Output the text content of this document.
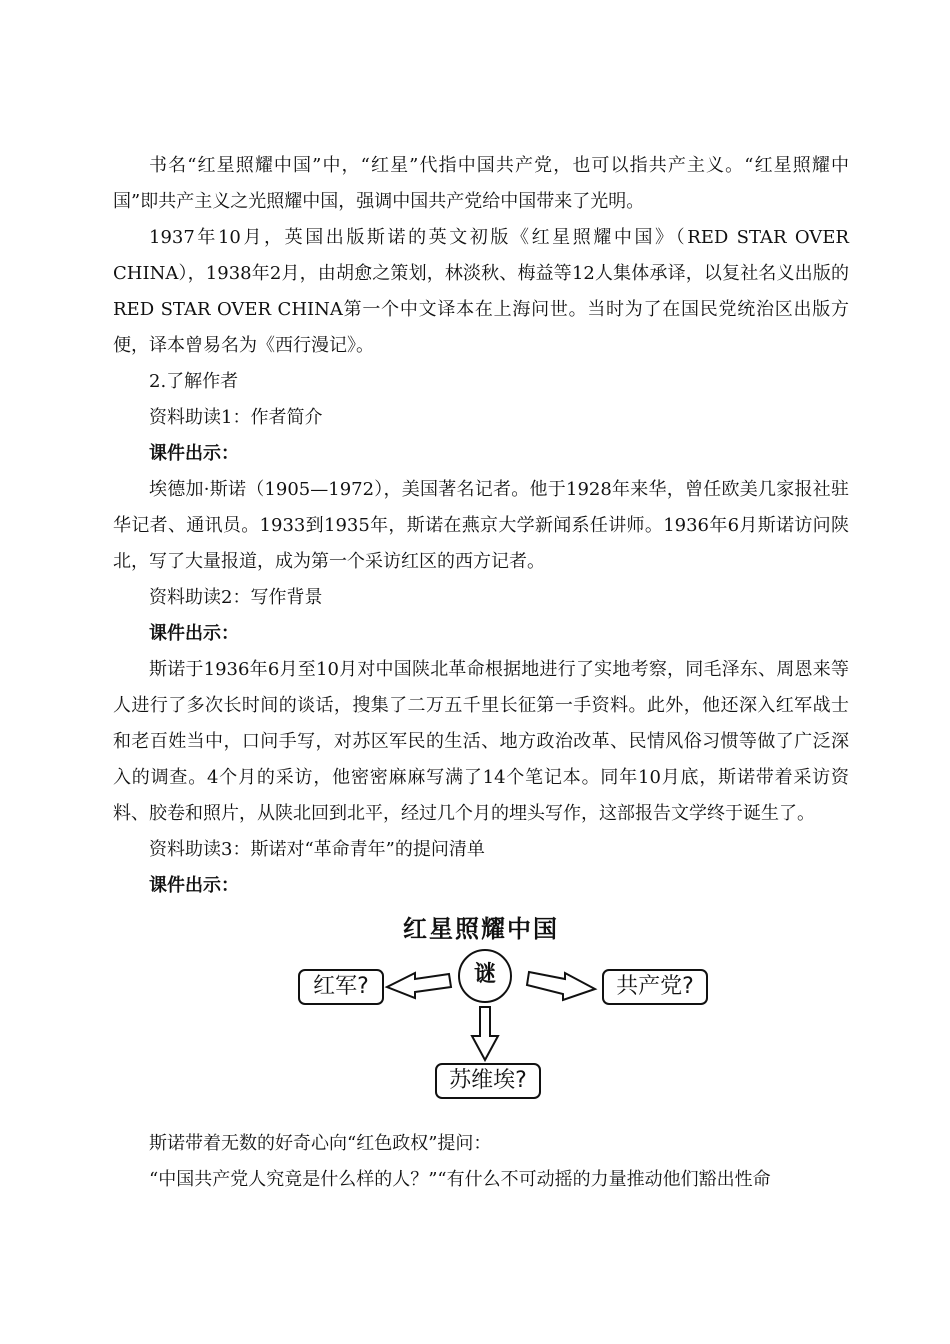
书名“红星照耀中国”中，“红星”代指中国共产党，也可以指共产主义。“红星照耀中国”即共产主义之光照耀中国，强调中国共产党给中国带来了光明。

1937年10月，英国出版斯诺的英文初版《红星照耀中国》（RED STAR OVER CHINA），1938年2月，由胡愈之策划，林淡秋、梅益等12人集体承译，以复社名义出版的RED STAR OVER CHINA第一个中文译本在上海问世。当时为了在国民党统治区出版方便，译本曾易名为《西行漫记》。

2.了解作者

资料助读1：作者简介

课件出示：

埃德加·斯诺（1905—1972），美国著名记者。他于1928年来华，曾任欧美几家报社驻华记者、通讯员。1933到1935年，斯诺在燕京大学新闻系任讲师。1936年6月斯诺访问陕北，写了大量报道，成为第一个采访红区的西方记者。

资料助读2：写作背景

课件出示：

斯诺于1936年6月至10月对中国陕北革命根据地进行了实地考察，同毛泽东、周恩来等人进行了多次长时间的谈话，搜集了二万五千里长征第一手资料。此外，他还深入红军战士和老百姓当中，口问手写，对苏区军民的生活、地方政治改革、民情风俗习惯等做了广泛深入的调查。4个月的采访，他密密麻麻写满了14个笔记本。同年10月底，斯诺带着采访资料、胶卷和照片，从陕北回到北平，经过几个月的埋头写作，这部报告文学终于诞生了。

资料助读3：斯诺对“革命青年”的提问清单

课件出示：

红星照耀中国
谜
红军?	共产党?
苏维埃?

斯诺带着无数的好奇心向“红色政权”提问：

“中国共产党人究竟是什么样的人？”“有什么不可动摇的力量推动他们豁出性命
